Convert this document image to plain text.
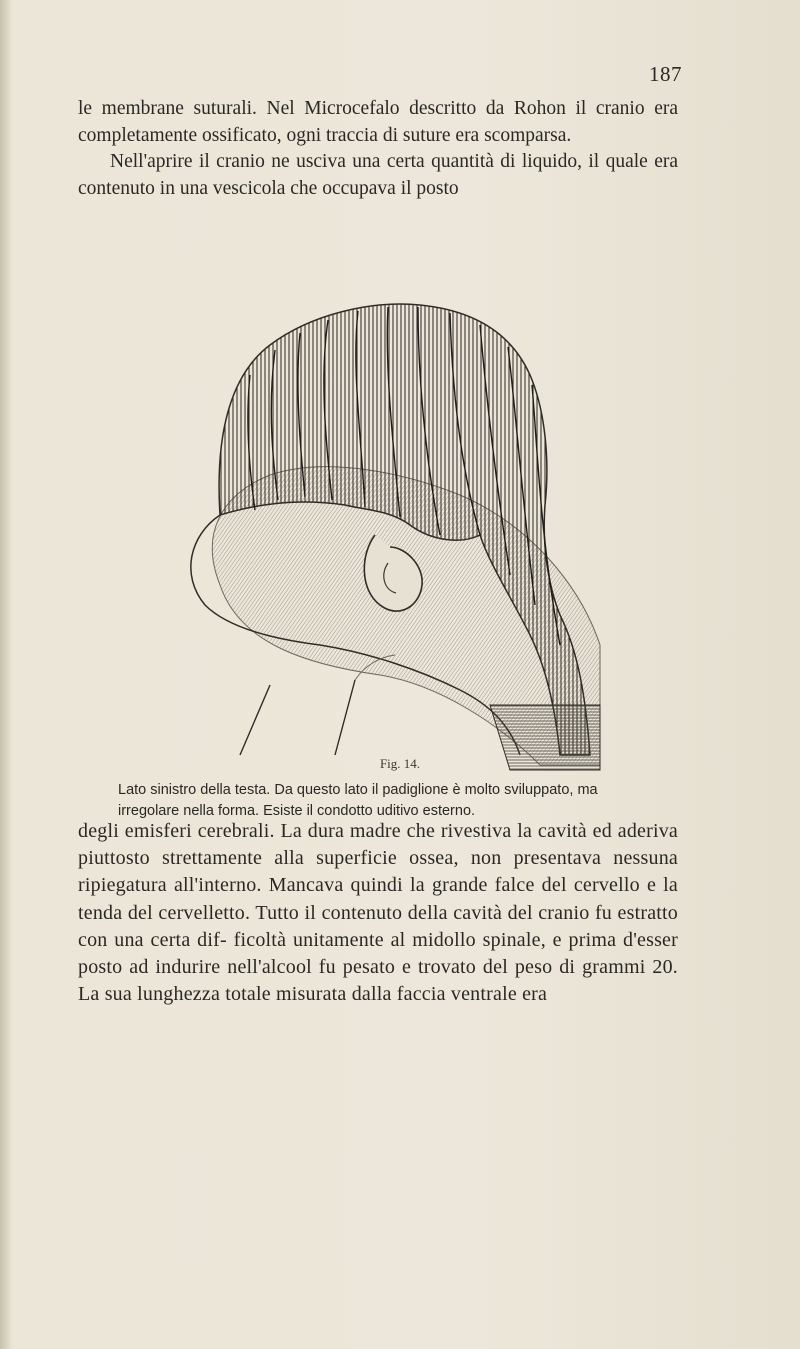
187

le membrane suturali. Nel Microcefalo descritto da Rohon il cranio era completamente ossificato, ogni traccia di suture era scomparsa.

Nell'aprire il cranio ne usciva una certa quantità di liquido, il quale era contenuto in una vescicola che occupava il posto

Fig. 14.

Lato sinistro della testa. Da questo lato il padiglione è molto sviluppato, ma irregolare nella forma. Esiste il condotto uditivo esterno.

degli emisferi cerebrali. La dura madre che rivestiva la cavità ed aderiva piuttosto strettamente alla superficie ossea, non presentava nessuna ripiegatura all'interno. Mancava quindi la grande falce del cervello e la tenda del cervelletto. Tutto il contenuto della cavità del cranio fu estratto con una certa dif- ficoltà unitamente al midollo spinale, e prima d'esser posto ad indurire nell'alcool fu pesato e trovato del peso di grammi 20. La sua lunghezza totale misurata dalla faccia ventrale era
